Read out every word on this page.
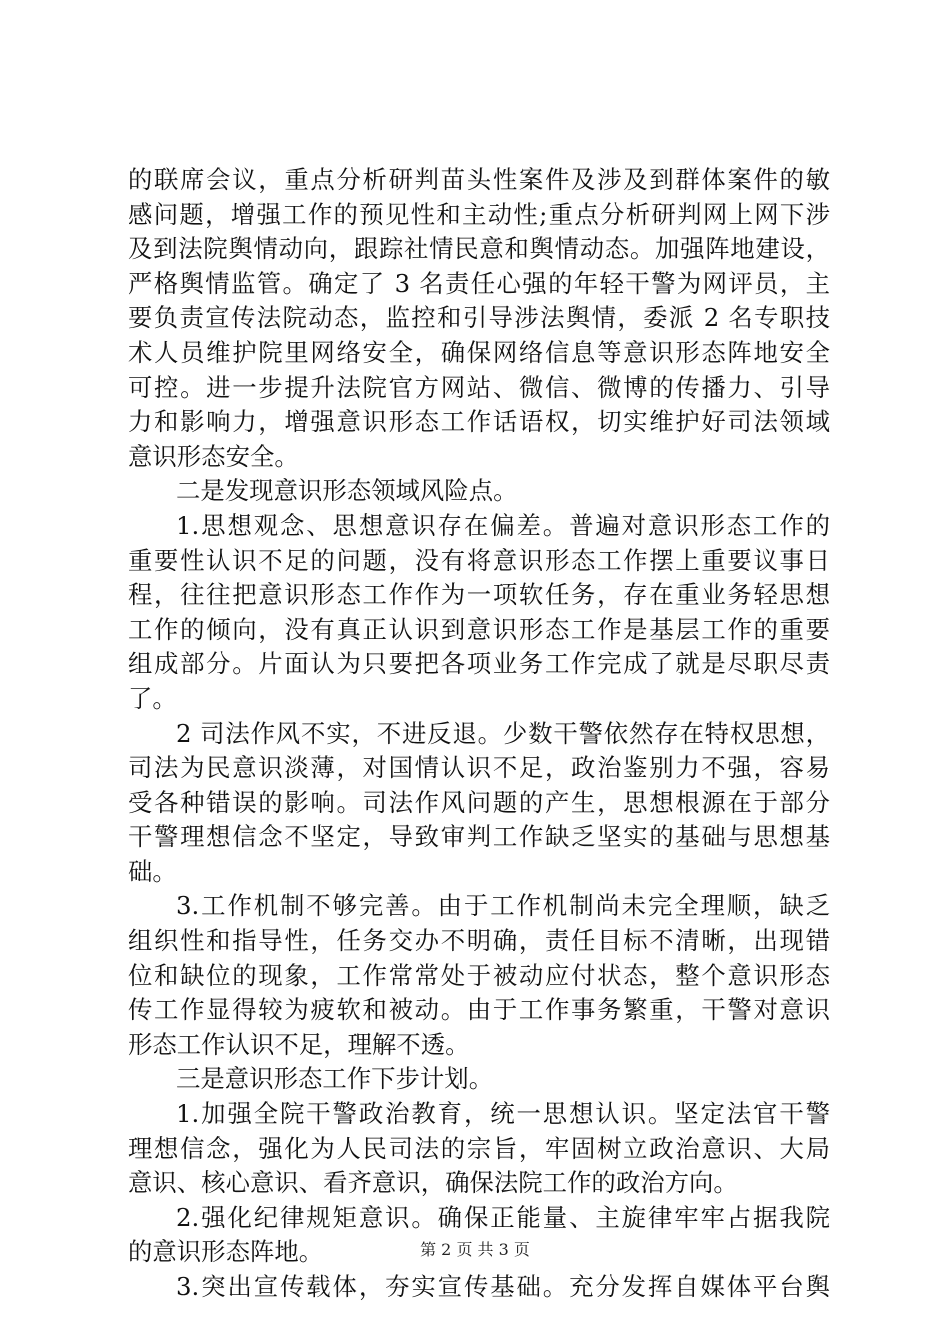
的联席会议，重点分析研判苗头性案件及涉及到群体案件的敏
感问题，增强工作的预见性和主动性;重点分析研判网上网下涉
及到法院舆情动向，跟踪社情民意和舆情动态。加强阵地建设，
严格舆情监管。确定了 3 名责任心强的年轻干警为网评员，主
要负责宣传法院动态，监控和引导涉法舆情，委派 2 名专职技
术人员维护院里网络安全，确保网络信息等意识形态阵地安全
可控。进一步提升法院官方网站、微信、微博的传播力、引导
力和影响力，增强意识形态工作话语权，切实维护好司法领域
意识形态安全。
二是发现意识形态领域风险点。
1.思想观念、思想意识存在偏差。普遍对意识形态工作的
重要性认识不足的问题，没有将意识形态工作摆上重要议事日
程，往往把意识形态工作作为一项软任务，存在重业务轻思想
工作的倾向，没有真正认识到意识形态工作是基层工作的重要
组成部分。片面认为只要把各项业务工作完成了就是尽职尽责
了。
2 司法作风不实，不进反退。少数干警依然存在特权思想，
司法为民意识淡薄，对国情认识不足，政治鉴别力不强，容易
受各种错误的影响。司法作风问题的产生，思想根源在于部分
干警理想信念不坚定，导致审判工作缺乏坚实的基础与思想基
础。
3.工作机制不够完善。由于工作机制尚未完全理顺，缺乏
组织性和指导性，任务交办不明确，责任目标不清晰，出现错
位和缺位的现象，工作常常处于被动应付状态，整个意识形态
传工作显得较为疲软和被动。由于工作事务繁重，干警对意识
形态工作认识不足，理解不透。
三是意识形态工作下步计划。
1.加强全院干警政治教育，统一思想认识。坚定法官干警
理想信念，强化为人民司法的宗旨，牢固树立政治意识、大局
意识、核心意识、看齐意识，确保法院工作的政治方向。
2.强化纪律规矩意识。确保正能量、主旋律牢牢占据我院
的意识形态阵地。
3.突出宣传载体，夯实宣传基础。充分发挥自媒体平台舆
第 2 页 共 3 页
